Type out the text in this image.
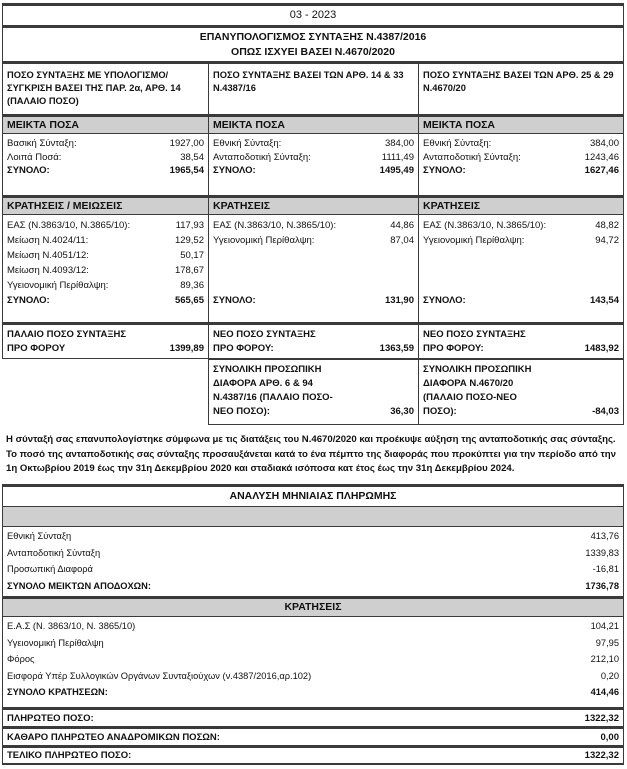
03 - 2023
ΕΠΑΝΥΠΟΛΟΓΙΣΜΟΣ ΣΥΝΤΑΞΗΣ Ν.4387/2016
ΟΠΩΣ ΙΣΧΥΕΙ ΒΑΣΕΙ Ν.4670/2020
ΠΟΣΟ ΣΥΝΤΑΞΗΣ ΜΕ ΥΠΟΛΟΓΙΣΜΟ/ ΣΥΓΚΡΙΣΗ ΒΑΣΕΙ ΤΗΣ ΠΑΡ. 2α, ΑΡΘ. 14 (ΠΑΛΑΙΟ ΠΟΣΟ)
ΜΕΙΚΤΑ ΠΟΣΑ
Βασική Σύνταξη:	1927,00
Λοιπά Ποσά:	38,54
ΣΥΝΟΛΟ:	1965,54
ΚΡΑΤΗΣΕΙΣ / ΜΕΙΩΣΕΙΣ
ΕΑΣ (Ν.3863/10, Ν.3865/10):	117,93
Μείωση Ν.4024/11:	129,52
Μείωση Ν.4051/12:	50,17
Μείωση Ν.4093/12:	178,67
Υγειονομική Περίθαλψη:	89,36
ΣΥΝΟΛΟ:	565,65
ΠΑΛΑΙΟ ΠΟΣΟ ΣΥΝΤΑΞΗΣ
ΠΡΟ ΦΟΡΟΥ	1399,89
ΠΟΣΟ ΣΥΝΤΑΞΗΣ ΒΑΣΕΙ ΤΩΝ ΑΡΘ. 14 & 33 Ν.4387/16
ΜΕΙΚΤΑ ΠΟΣΑ
Εθνική Σύνταξη:	384,00
Ανταποδοτική Σύνταξη:	1111,49
ΣΥΝΟΛΟ:	1495,49
ΚΡΑΤΗΣΕΙΣ
ΕΑΣ (Ν.3863/10, Ν.3865/10):	44,86
Υγειονομική Περίθαλψη:	87,04
ΣΥΝΟΛΟ:	131,90
ΝΕΟ ΠΟΣΟ ΣΥΝΤΑΞΗΣ
ΠΡΟ ΦΟΡΟΥ:	1363,59
ΣΥΝΟΛΙΚΗ ΠΡΟΣΩΠΙΚΗ
ΔΙΑΦΟΡΑ ΑΡΘ. 6 & 94
Ν.4387/16 (ΠΑΛΑΙΟ ΠΟΣΟ-
ΝΕΟ ΠΟΣΟ):	36,30
ΠΟΣΟ ΣΥΝΤΑΞΗΣ ΒΑΣΕΙ ΤΩΝ ΑΡΘ. 25 & 29 Ν.4670/20
ΜΕΙΚΤΑ ΠΟΣΑ
Εθνική Σύνταξη:	384,00
Ανταποδοτική Σύνταξη:	1243,46
ΣΥΝΟΛΟ:	1627,46
ΚΡΑΤΗΣΕΙΣ
ΕΑΣ (Ν.3863/10, Ν.3865/10):	48,82
Υγειονομική Περίθαλψη:	94,72
ΣΥΝΟΛΟ:	143,54
ΝΕΟ ΠΟΣΟ ΣΥΝΤΑΞΗΣ
ΠΡΟ ΦΟΡΟΥ:	1483,92
ΣΥΝΟΛΙΚΗ ΠΡΟΣΩΠΙΚΗ
ΔΙΑΦΟΡΑ Ν.4670/20
(ΠΑΛΑΙΟ ΠΟΣΟ-ΝΕΟ
ΠΟΣΟ):	-84,03
Η σύνταξή σας επανυπολογίστηκε σύμφωνα με τις διατάξεις του Ν.4670/2020 και προέκυψε αύξηση της ανταποδοτικής σας σύνταξης. Το ποσό της ανταποδοτικής σας σύνταξης προσαυξάνεται κατά το ένα πέμπτο της διαφοράς που προκύπτει για την περίοδο από την 1η Οκτωβρίου 2019 έως την 31η Δεκεμβρίου 2020 και σταδιακά ισόποσα κατ έτος έως την 31η Δεκεμβρίου 2024.
ΑΝΑΛΥΣΗ ΜΗΝΙΑΙΑΣ ΠΛΗΡΩΜΗΣ
Εθνική Σύνταξη	413,76
Ανταποδοτική Σύνταξη	1339,83
Προσωπική Διαφορά	-16,81
ΣΥΝΟΛΟ ΜΕΙΚΤΩΝ ΑΠΟΔΟΧΩΝ:	1736,78
ΚΡΑΤΗΣΕΙΣ
Ε.Α.Σ (Ν. 3863/10, Ν. 3865/10)	104,21
Υγειονομική Περίθαλψη	97,95
Φόρος	212,10
Εισφορά Υπέρ Συλλογικών Οργάνων Συνταξιούχων (ν.4387/2016,αρ.102)	0,20
ΣΥΝΟΛΟ ΚΡΑΤΗΣΕΩΝ:	414,46
ΠΛΗΡΩΤΕΟ ΠΟΣΟ:	1322,32
ΚΑΘΑΡΟ ΠΛΗΡΩΤΕΟ ΑΝΑΔΡΟΜΙΚΩΝ ΠΟΣΩΝ:	0,00
ΤΕΛΙΚΟ ΠΛΗΡΩΤΕΟ ΠΟΣΟ:	1322,32
